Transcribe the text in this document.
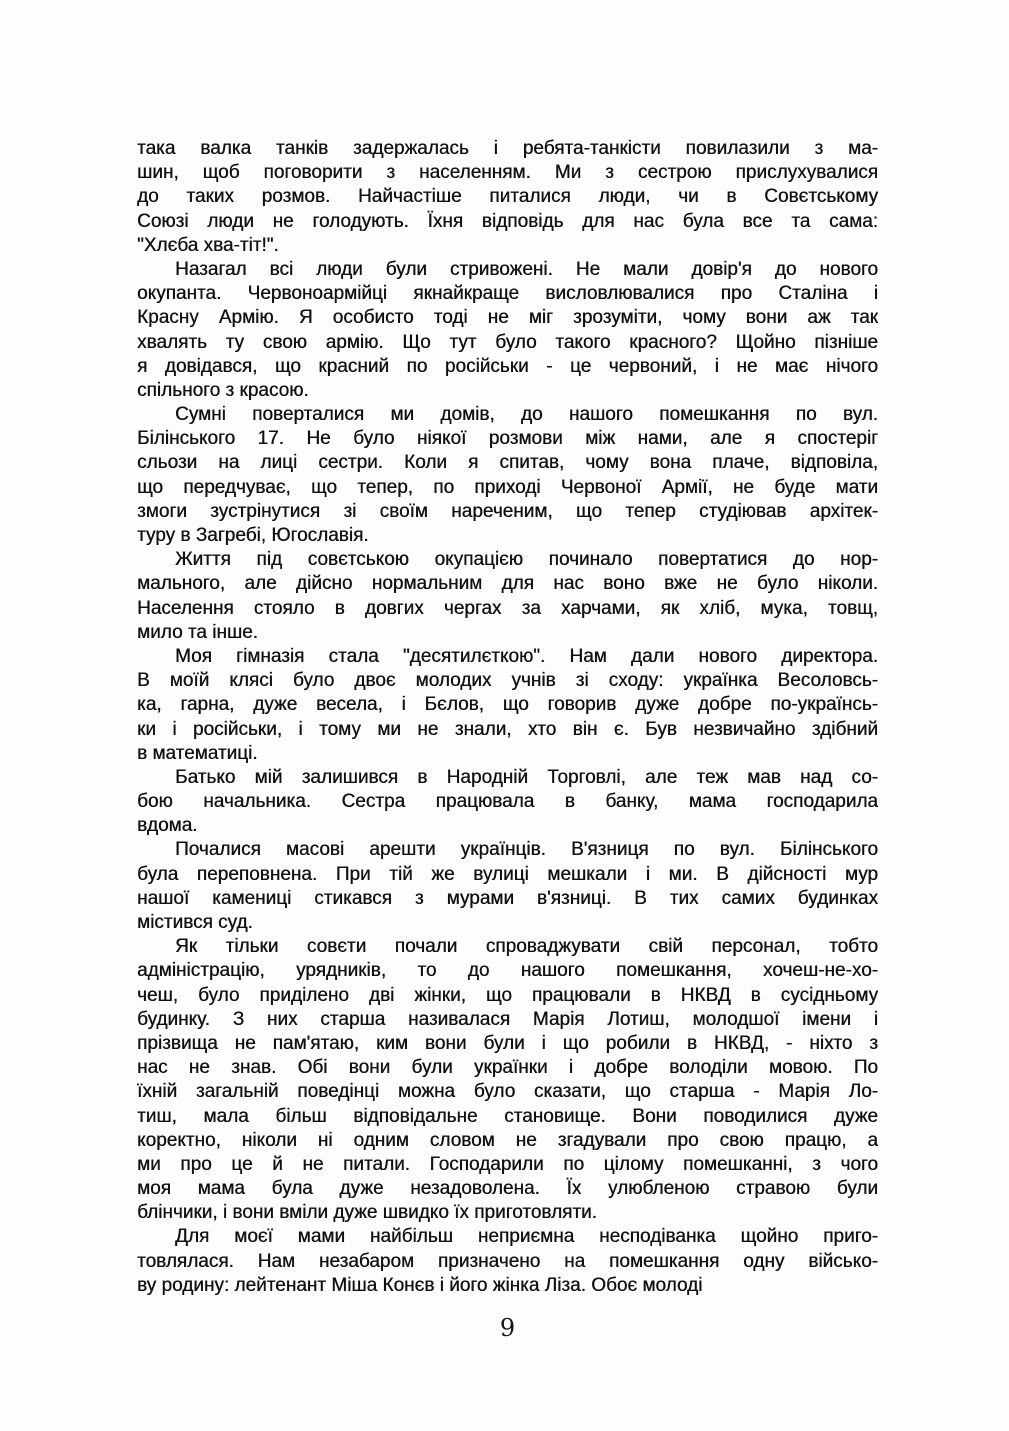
така валка танків задержалась і ребята-танкісти повилазили з ма-
шин, щоб поговорити з населенням. Ми з сестрою прислухувалися
до таких розмов. Найчастіше питалися люди, чи в Совєтському
Союзі люди не голодують. Їхня відповідь для нас була все та сама:
"Хлєба хва-тіт!".
Назагал всі люди були стривожені. Не мали довір'я до нового
окупанта. Червоноармійці якнайкраще висловлювалися про Сталіна і
Красну Армію. Я особисто тоді не міг зрозуміти, чому вони аж так
хвалять ту свою армію. Що тут було такого красного? Щойно пізніше
я довідався, що красний по російськи - це червоний, і не має нічого
спільного з красою.
Сумні поверталися ми домів, до нашого помешкання по вул.
Білінського 17. Не було ніякої розмови між нами, але я спостеріг
сльози на лиці сестри. Коли я спитав, чому вона плаче, відповіла,
що передчуває, що тепер, по приході Червоної Армії, не буде мати
змоги зустрінутися зі своїм нареченим, що тепер студіював архітек-
туру в Загребі, Югославія.
Життя під совєтською окупацією починало повертатися до нор-
мального, але дійсно нормальним для нас воно вже не було ніколи.
Населення стояло в довгих чергах за харчами, як хліб, мука, товщ,
мило та інше.
Моя гімназія стала "десятилєткою". Нам дали нового директора.
В моїй клясі було двоє молодих учнів зі сходу: українка Весоловсь-
ка, гарна, дуже весела, і Бєлов, що говорив дуже добре по-українсь-
ки і російськи, і тому ми не знали, хто він є. Був незвичайно здібний
в математиці.
Батько мій залишився в Народній Торговлі, але теж мав над со-
бою начальника. Сестра працювала в банку, мама господарила
вдома.
Почалися масові арешти українців. В'язниця по вул. Білінського
була переповнена. При тій же вулиці мешкали і ми. В дійсності мур
нашої камениці стикався з мурами в'язниці. В тих самих будинках
містився суд.
Як тільки совєти почали спроваджувати свій персонал, тобто
адміністрацію, урядників, то до нашого помешкання, хочеш-не-хо-
чеш, було приділено дві жінки, що працювали в НКВД в сусідньому
будинку. З них старша називалася Марія Лотиш, молодшої імени і
прізвища не пам'ятаю, ким вони були і що робили в НКВД, - ніхто з
нас не знав. Обі вони були українки і добре володіли мовою. По
їхній загальній поведінці можна було сказати, що старша - Марія Ло-
тиш, мала більш відповідальне становище. Вони поводилися дуже
коректно, ніколи ні одним словом не згадували про свою працю, а
ми про це й не питали. Господарили по цілому помешканні, з чого
моя мама була дуже незадоволена. Їх улюбленою стравою були
блінчики, і вони вміли дуже швидко їх приготовляти.
Для моєї мами найбільш неприємна несподіванка щойно приго-
товлялася. Нам незабаром призначено на помешкання одну військо-
ву родину: лейтенант Міша Конєв і його жінка Ліза. Обоє молоді
9
